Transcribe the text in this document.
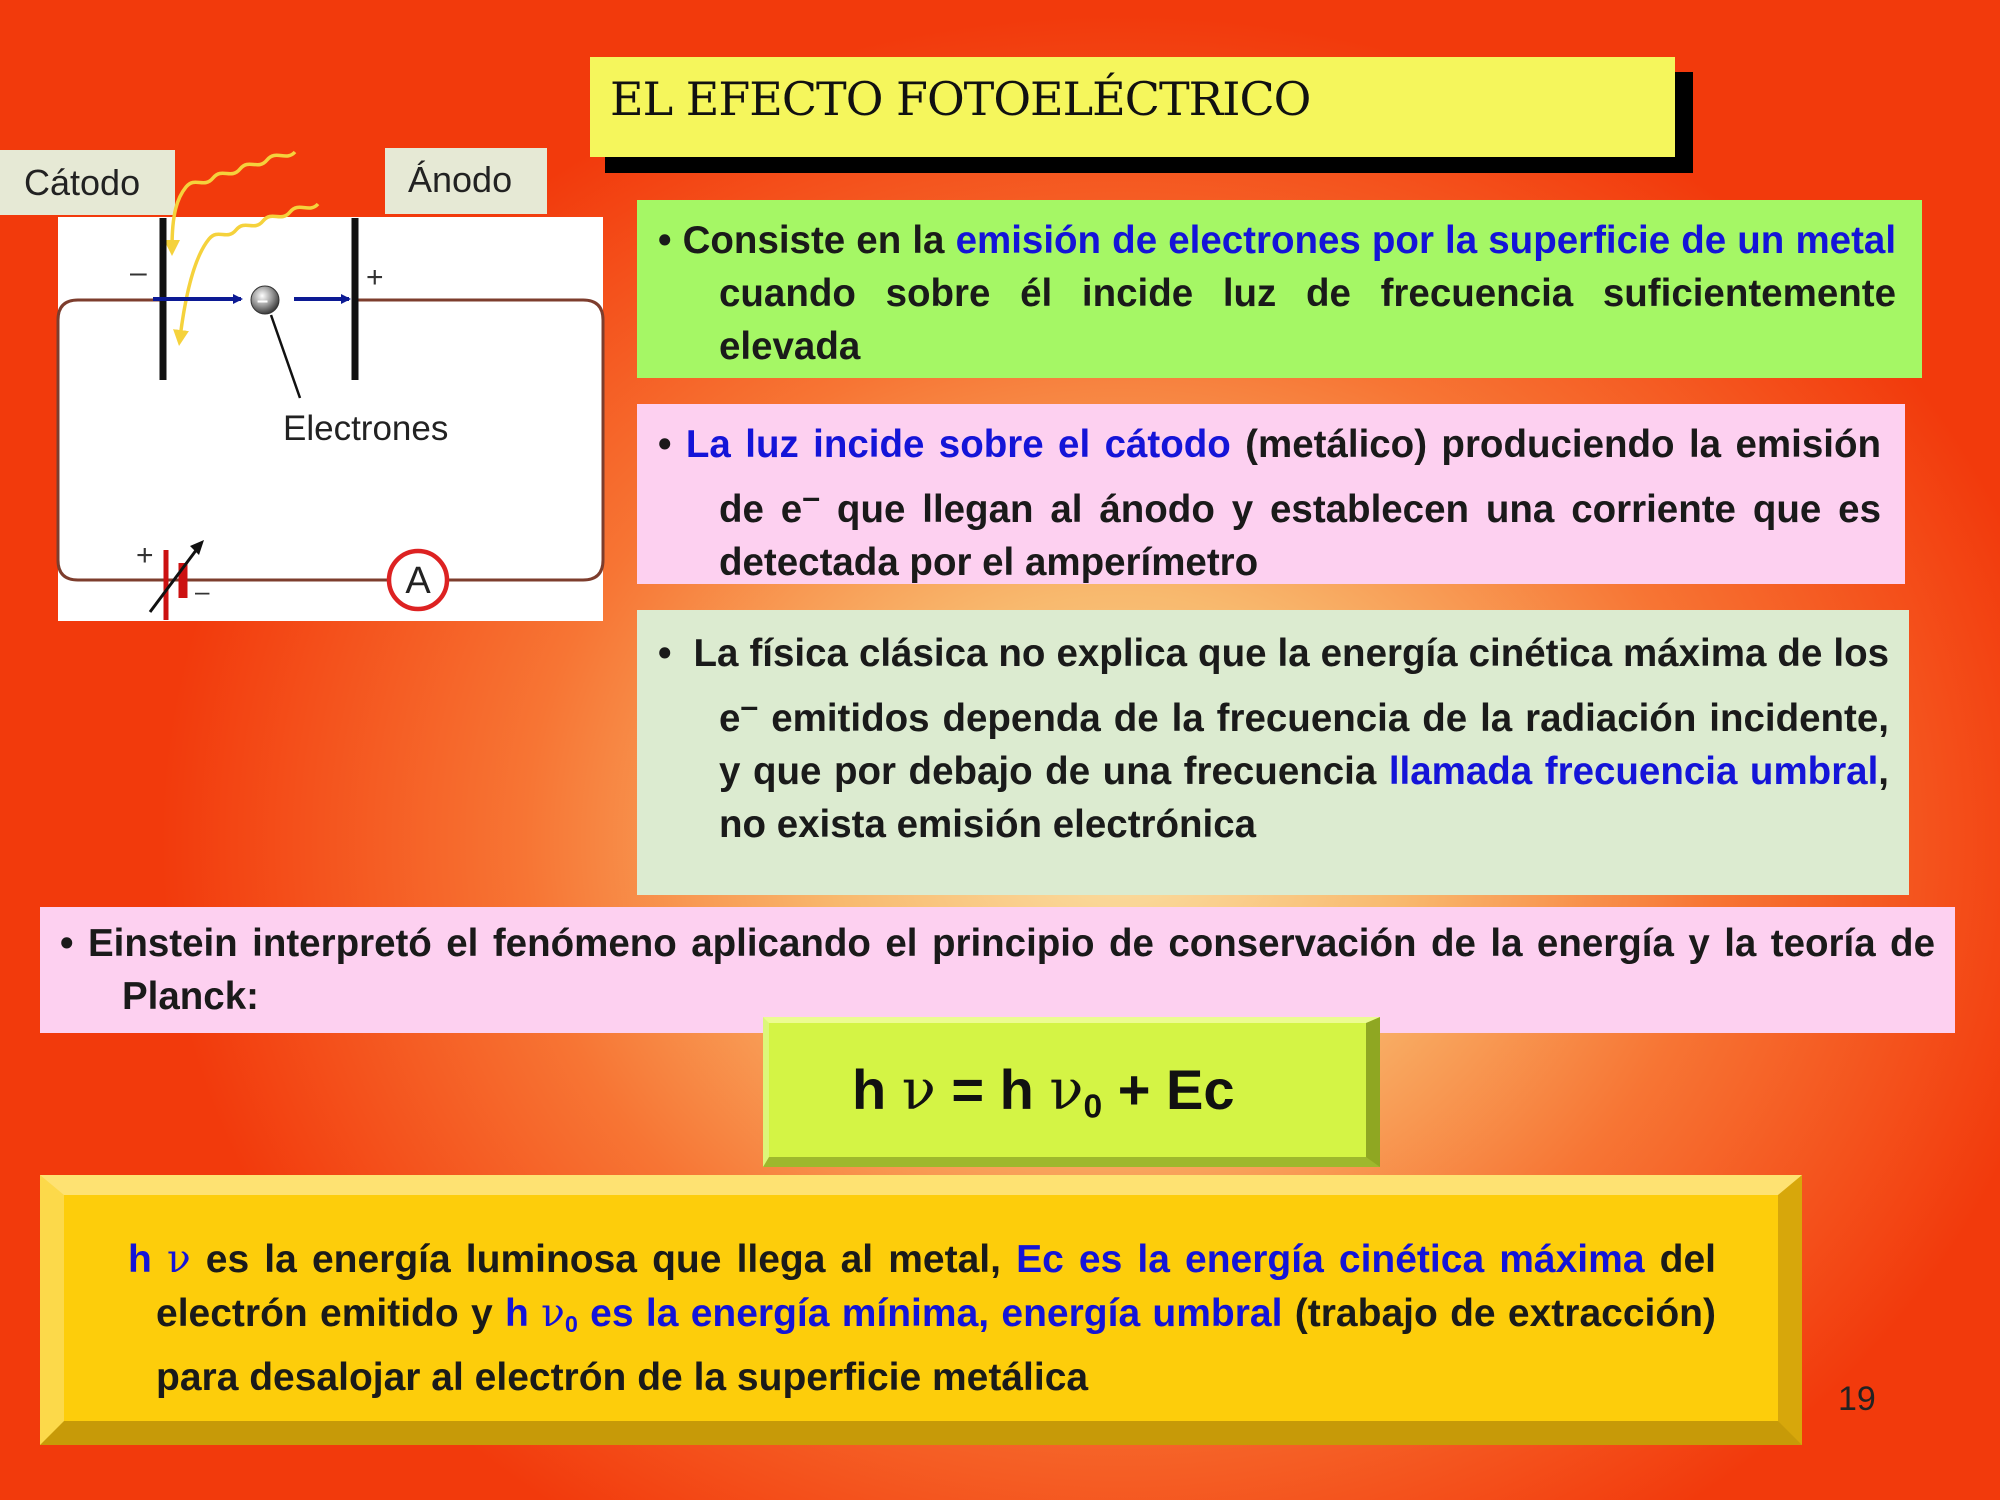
EL EFECTO FOTOELÉCTRICO
Cátodo	Ánodo
–	+
–
Electrones
+
–	A

• Consiste en la emisión de electrones por la superficie de un metal cuando sobre él incide luz de frecuencia suficientemente elevada

• La luz incide sobre el cátodo (metálico) produciendo la emisión de e– que llegan al ánodo y establecen una corriente que es detectada por el amperímetro

• La física clásica no explica que la energía cinética máxima de los e– emitidos dependa de la frecuencia de la radiación incidente, y que por debajo de una frecuencia llamada frecuencia umbral, no exista emisión electrónica

• Einstein interpretó el fenómeno aplicando el principio de conservación de la energía y la teoría de Planck:

h ν = h $\nu_0 + Ec$

h ν es la energía luminosa que llega al metal, Ec es la energía cinética máxima del electrón emitido y h $\nu_0$ es la energía mínima, energía umbral (trabajo de extracción) para desalojar al electrón de la superficie metálica

19
